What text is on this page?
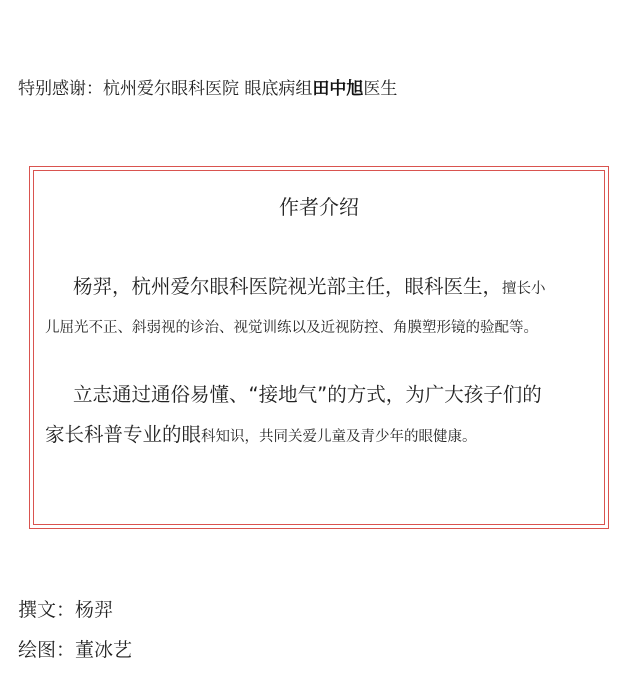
特别感谢：杭州爱尔眼科医院 眼底病组田中旭医生
作者介绍
杨羿，杭州爱尔眼科医院视光部主任，眼科医生，擅长小
儿屈光不正、斜弱视的诊治、视觉训练以及近视防控、角膜塑形镜的验配等。
立志通过通俗易懂、“接地气”的方式，为广大孩子们的
家长科普专业的眼科知识，共同关爱儿童及青少年的眼健康。
撰文：杨羿
绘图：董冰艺
